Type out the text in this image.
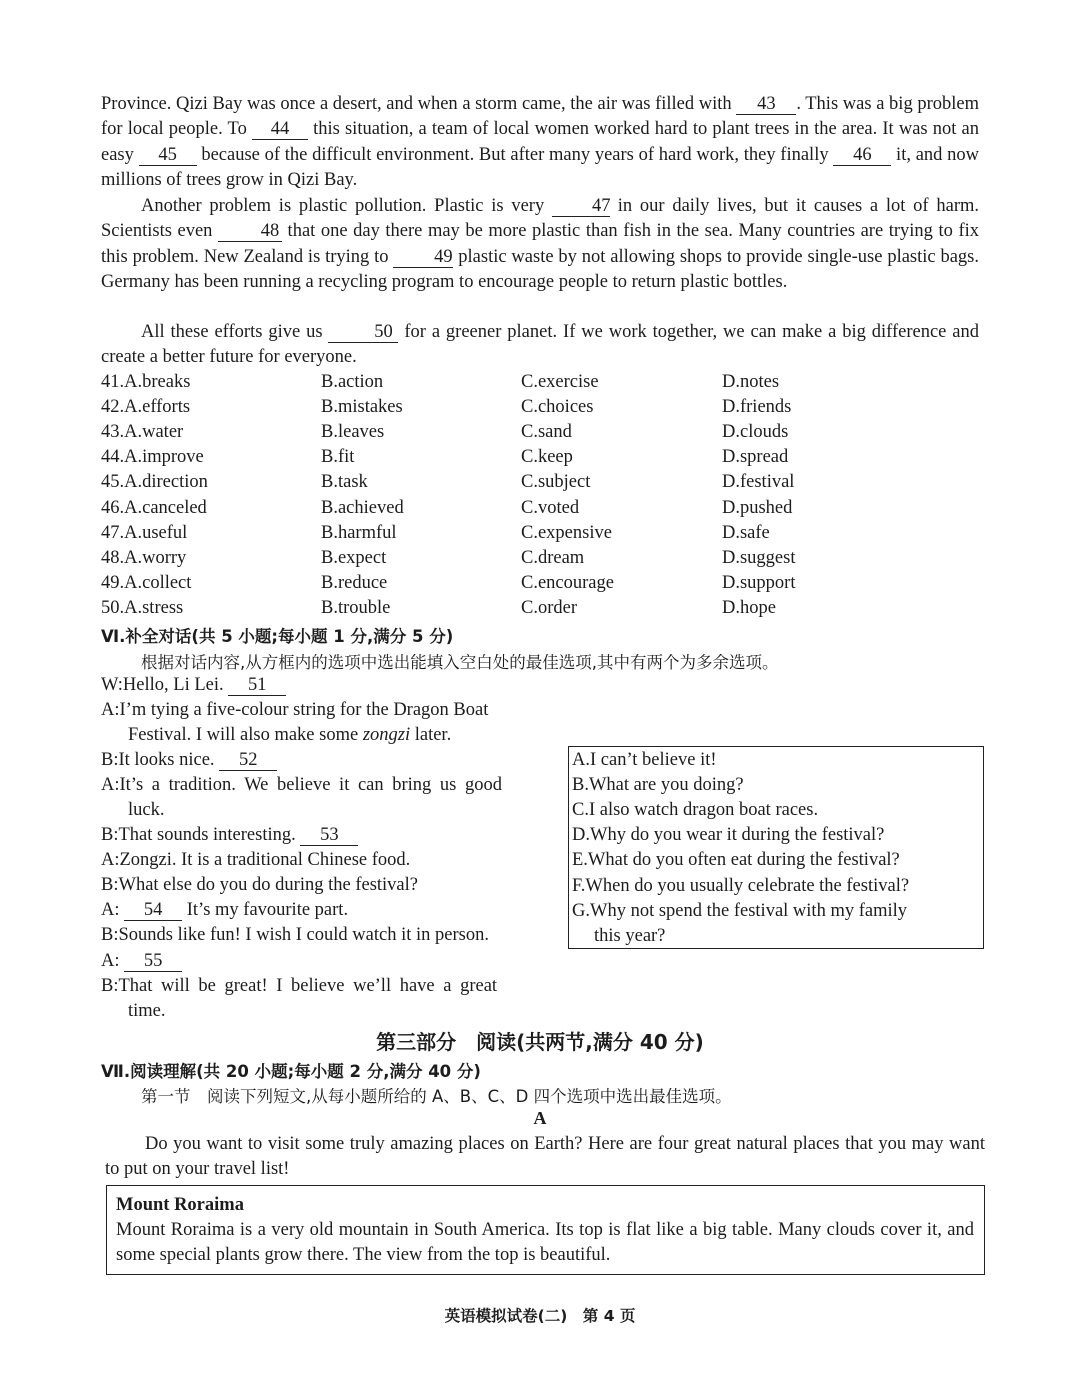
Province. Qizi Bay was once a desert, and when a storm came, the air was filled with 43 . This was a big problem for local people. To 44 this situation, a team of local women worked hard to plant trees in the area. It was not an easy 45 because of the difficult environment. But after many years of hard work, they finally 46 it, and now millions of trees grow in Qizi Bay.

Another problem is plastic pollution. Plastic is very 47 in our daily lives, but it causes a lot of harm. Scientists even 48 that one day there may be more plastic than fish in the sea. Many countries are trying to fix this problem. New Zealand is trying to 49 plastic waste by not allowing shops to provide single-use plastic bags. Germany has been running a recycling program to encourage people to return plastic bottles.

All these efforts give us 50 for a greener planet. If we work together, we can make a big difference and create a better future for everyone.

41.A.breaks	B.action	C.exercise	D.notes
42.A.efforts	B.mistakes	C.choices	D.friends
43.A.water	B.leaves	C.sand	D.clouds
44.A.improve	B.fit	C.keep	D.spread
45.A.direction	B.task	C.subject	D.festival
46.A.canceled	B.achieved	C.voted	D.pushed
47.A.useful	B.harmful	C.expensive	D.safe
48.A.worry	B.expect	C.dream	D.suggest
49.A.collect	B.reduce	C.encourage	D.support
50.A.stress	B.trouble	C.order	D.hope
Ⅵ.补全对话(共 5 小题;每小题 1 分,满分 5 分)
根据对话内容,从方框内的选项中选出能填入空白处的最佳选项,其中有两个为多余选项。
W:Hello, Li Lei. 51
A:I’m tying a five-colour string for the Dragon Boat
Festival. I will also make some zongzi later.
B:It looks nice. 52
A:It’s a tradition. We believe it can bring us good
luck.
B:That sounds interesting. 53
A:Zongzi. It is a traditional Chinese food.
B:What else do you do during the festival?
A: 54 It’s my favourite part.
B:Sounds like fun! I wish I could watch it in person.
A: 55
B:That will be great! I believe we’ll have a great
time.
A.I can’t believe it!
B.What are you doing?
C.I also watch dragon boat races.
D.Why do you wear it during the festival?
E.What do you often eat during the festival?
F.When do you usually celebrate the festival?
G.Why not spend the festival with my family
this year?
第三部分　阅读(共两节,满分 40 分)
Ⅶ.阅读理解(共 20 小题;每小题 2 分,满分 40 分)
第一节　阅读下列短文,从每小题所给的 A、B、C、D 四个选项中选出最佳选项。
A

Do you want to visit some truly amazing places on Earth? Here are four great natural places that you may want to put on your travel list!

Mount Roraima

Mount Roraima is a very old mountain in South America. Its top is flat like a big table. Many clouds cover it, and some special plants grow there. The view from the top is beautiful.

英语模拟试卷(二)　第 4 页
